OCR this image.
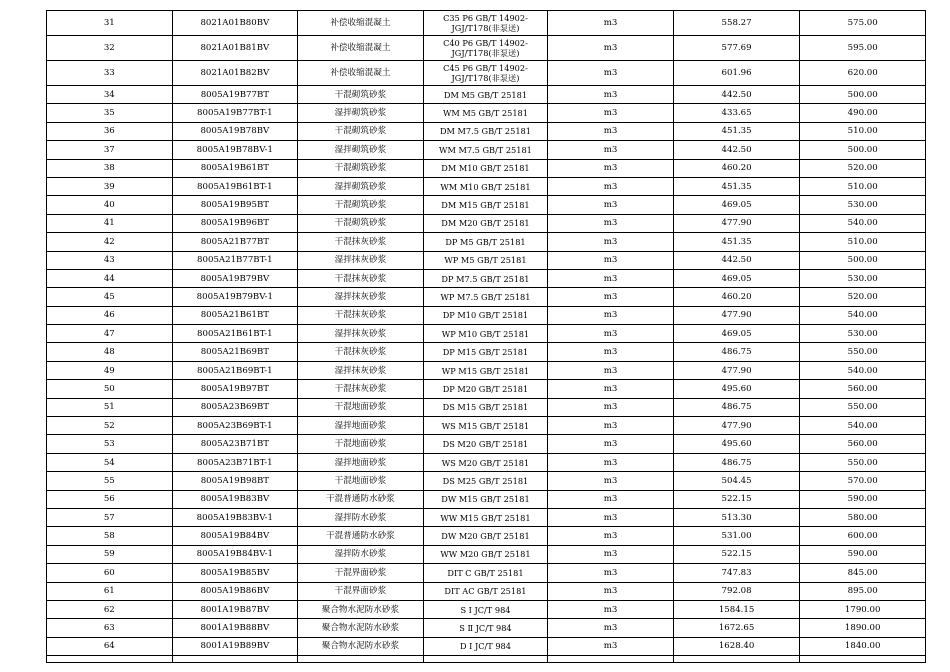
31	8021A01B80BV	补偿收缩混凝土	C35 P6 GB/T 14902-JGJ/T178(非泵送)	m3	558.27	575.00
32	8021A01B81BV	补偿收缩混凝土	C40 P6 GB/T 14902-JGJ/T178(非泵送)	m3	577.69	595.00
33	8021A01B82BV	补偿收缩混凝土	C45 P6 GB/T 14902-JGJ/T178(非泵送)	m3	601.96	620.00
34	8005A19B77BT	干混砌筑砂浆	DM M5 GB/T 25181	m3	442.50	500.00
35	8005A19B77BT-1	湿拌砌筑砂浆	WM M5 GB/T 25181	m3	433.65	490.00
36	8005A19B78BV	干混砌筑砂浆	DM M7.5 GB/T 25181	m3	451.35	510.00
37	8005A19B78BV-1	湿拌砌筑砂浆	WM M7.5 GB/T 25181	m3	442.50	500.00
38	8005A19B61BT	干混砌筑砂浆	DM M10 GB/T 25181	m3	460.20	520.00
39	8005A19B61BT-1	湿拌砌筑砂浆	WM M10 GB/T 25181	m3	451.35	510.00
40	8005A19B95BT	干混砌筑砂浆	DM M15 GB/T 25181	m3	469.05	530.00
41	8005A19B96BT	干混砌筑砂浆	DM M20 GB/T 25181	m3	477.90	540.00
42	8005A21B77BT	干混抹灰砂浆	DP M5 GB/T 25181	m3	451.35	510.00
43	8005A21B77BT-1	湿拌抹灰砂浆	WP M5 GB/T 25181	m3	442.50	500.00
44	8005A19B79BV	干混抹灰砂浆	DP M7.5 GB/T 25181	m3	469.05	530.00
45	8005A19B79BV-1	湿拌抹灰砂浆	WP M7.5 GB/T 25181	m3	460.20	520.00
46	8005A21B61BT	干混抹灰砂浆	DP M10 GB/T 25181	m3	477.90	540.00
47	8005A21B61BT-1	湿拌抹灰砂浆	WP M10 GB/T 25181	m3	469.05	530.00
48	8005A21B69BT	干混抹灰砂浆	DP M15 GB/T 25181	m3	486.75	550.00
49	8005A21B69BT-1	湿拌抹灰砂浆	WP M15 GB/T 25181	m3	477.90	540.00
50	8005A19B97BT	干混抹灰砂浆	DP M20 GB/T 25181	m3	495.60	560.00
51	8005A23B69BT	干混地面砂浆	DS M15 GB/T 25181	m3	486.75	550.00
52	8005A23B69BT-1	湿拌地面砂浆	WS M15 GB/T 25181	m3	477.90	540.00
53	8005A23B71BT	干混地面砂浆	DS M20 GB/T 25181	m3	495.60	560.00
54	8005A23B71BT-1	湿拌地面砂浆	WS M20 GB/T 25181	m3	486.75	550.00
55	8005A19B98BT	干混地面砂浆	DS M25 GB/T 25181	m3	504.45	570.00
56	8005A19B83BV	干混普通防水砂浆	DW M15 GB/T 25181	m3	522.15	590.00
57	8005A19B83BV-1	湿拌防水砂浆	WW M15 GB/T 25181	m3	513.30	580.00
58	8005A19B84BV	干混普通防水砂浆	DW M20 GB/T 25181	m3	531.00	600.00
59	8005A19B84BV-1	湿拌防水砂浆	WW M20 GB/T 25181	m3	522.15	590.00
60	8005A19B85BV	干混界面砂浆	DIT C GB/T 25181	m3	747.83	845.00
61	8005A19B86BV	干混界面砂浆	DIT AC GB/T 25181	m3	792.08	895.00
62	8001A19B87BV	聚合物水泥防水砂浆	S Ⅰ JC/T 984	m3	1584.15	1790.00
63	8001A19B88BV	聚合物水泥防水砂浆	S Ⅱ JC/T 984	m3	1672.65	1890.00
64	8001A19B89BV	聚合物水泥防水砂浆	D Ⅰ JC/T 984	m3	1628.40	1840.00
